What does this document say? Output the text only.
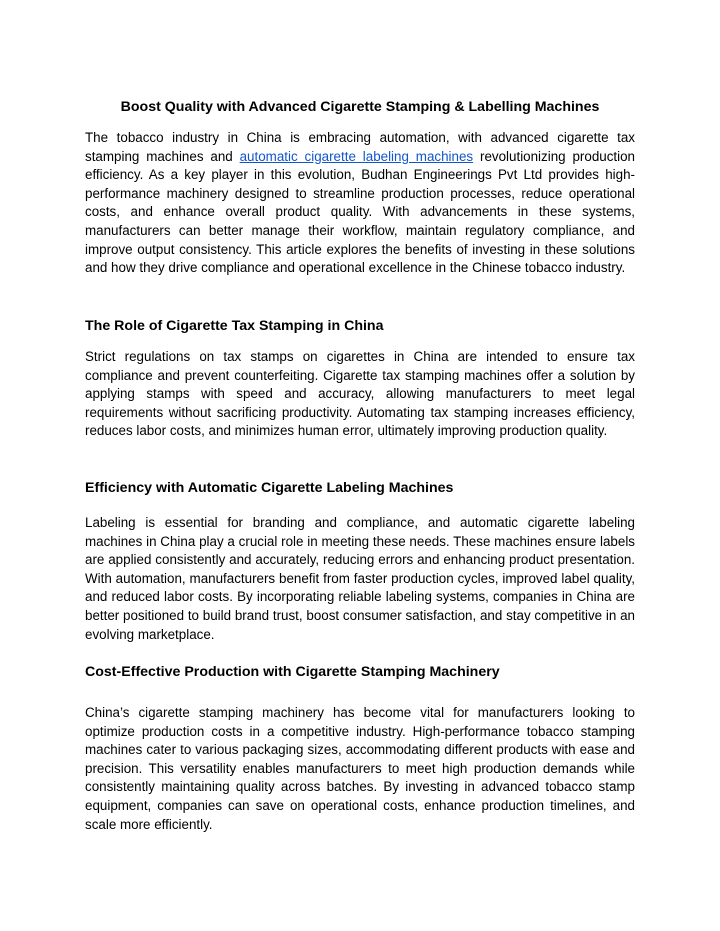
Boost Quality with Advanced Cigarette Stamping & Labelling Machines

The tobacco industry in China is embracing automation, with advanced cigarette tax stamping machines and automatic cigarette labeling machines revolutionizing production efficiency. As a key player in this evolution, Budhan Engineerings Pvt Ltd provides high-performance machinery designed to streamline production processes, reduce operational costs, and enhance overall product quality. With advancements in these systems, manufacturers can better manage their workflow, maintain regulatory compliance, and improve output consistency. This article explores the benefits of investing in these solutions and how they drive compliance and operational excellence in the Chinese tobacco industry.

The Role of Cigarette Tax Stamping in China

Strict regulations on tax stamps on cigarettes in China are intended to ensure tax compliance and prevent counterfeiting. Cigarette tax stamping machines offer a solution by applying stamps with speed and accuracy, allowing manufacturers to meet legal requirements without sacrificing productivity. Automating tax stamping increases efficiency, reduces labor costs, and minimizes human error, ultimately improving production quality.

Efficiency with Automatic Cigarette Labeling Machines

Labeling is essential for branding and compliance, and automatic cigarette labeling machines in China play a crucial role in meeting these needs. These machines ensure labels are applied consistently and accurately, reducing errors and enhancing product presentation. With automation, manufacturers benefit from faster production cycles, improved label quality, and reduced labor costs. By incorporating reliable labeling systems, companies in China are better positioned to build brand trust, boost consumer satisfaction, and stay competitive in an evolving marketplace.

Cost-Effective Production with Cigarette Stamping Machinery

China’s cigarette stamping machinery has become vital for manufacturers looking to optimize production costs in a competitive industry. High-performance tobacco stamping machines cater to various packaging sizes, accommodating different products with ease and precision. This versatility enables manufacturers to meet high production demands while consistently maintaining quality across batches. By investing in advanced tobacco stamp equipment, companies can save on operational costs, enhance production timelines, and scale more efficiently.
